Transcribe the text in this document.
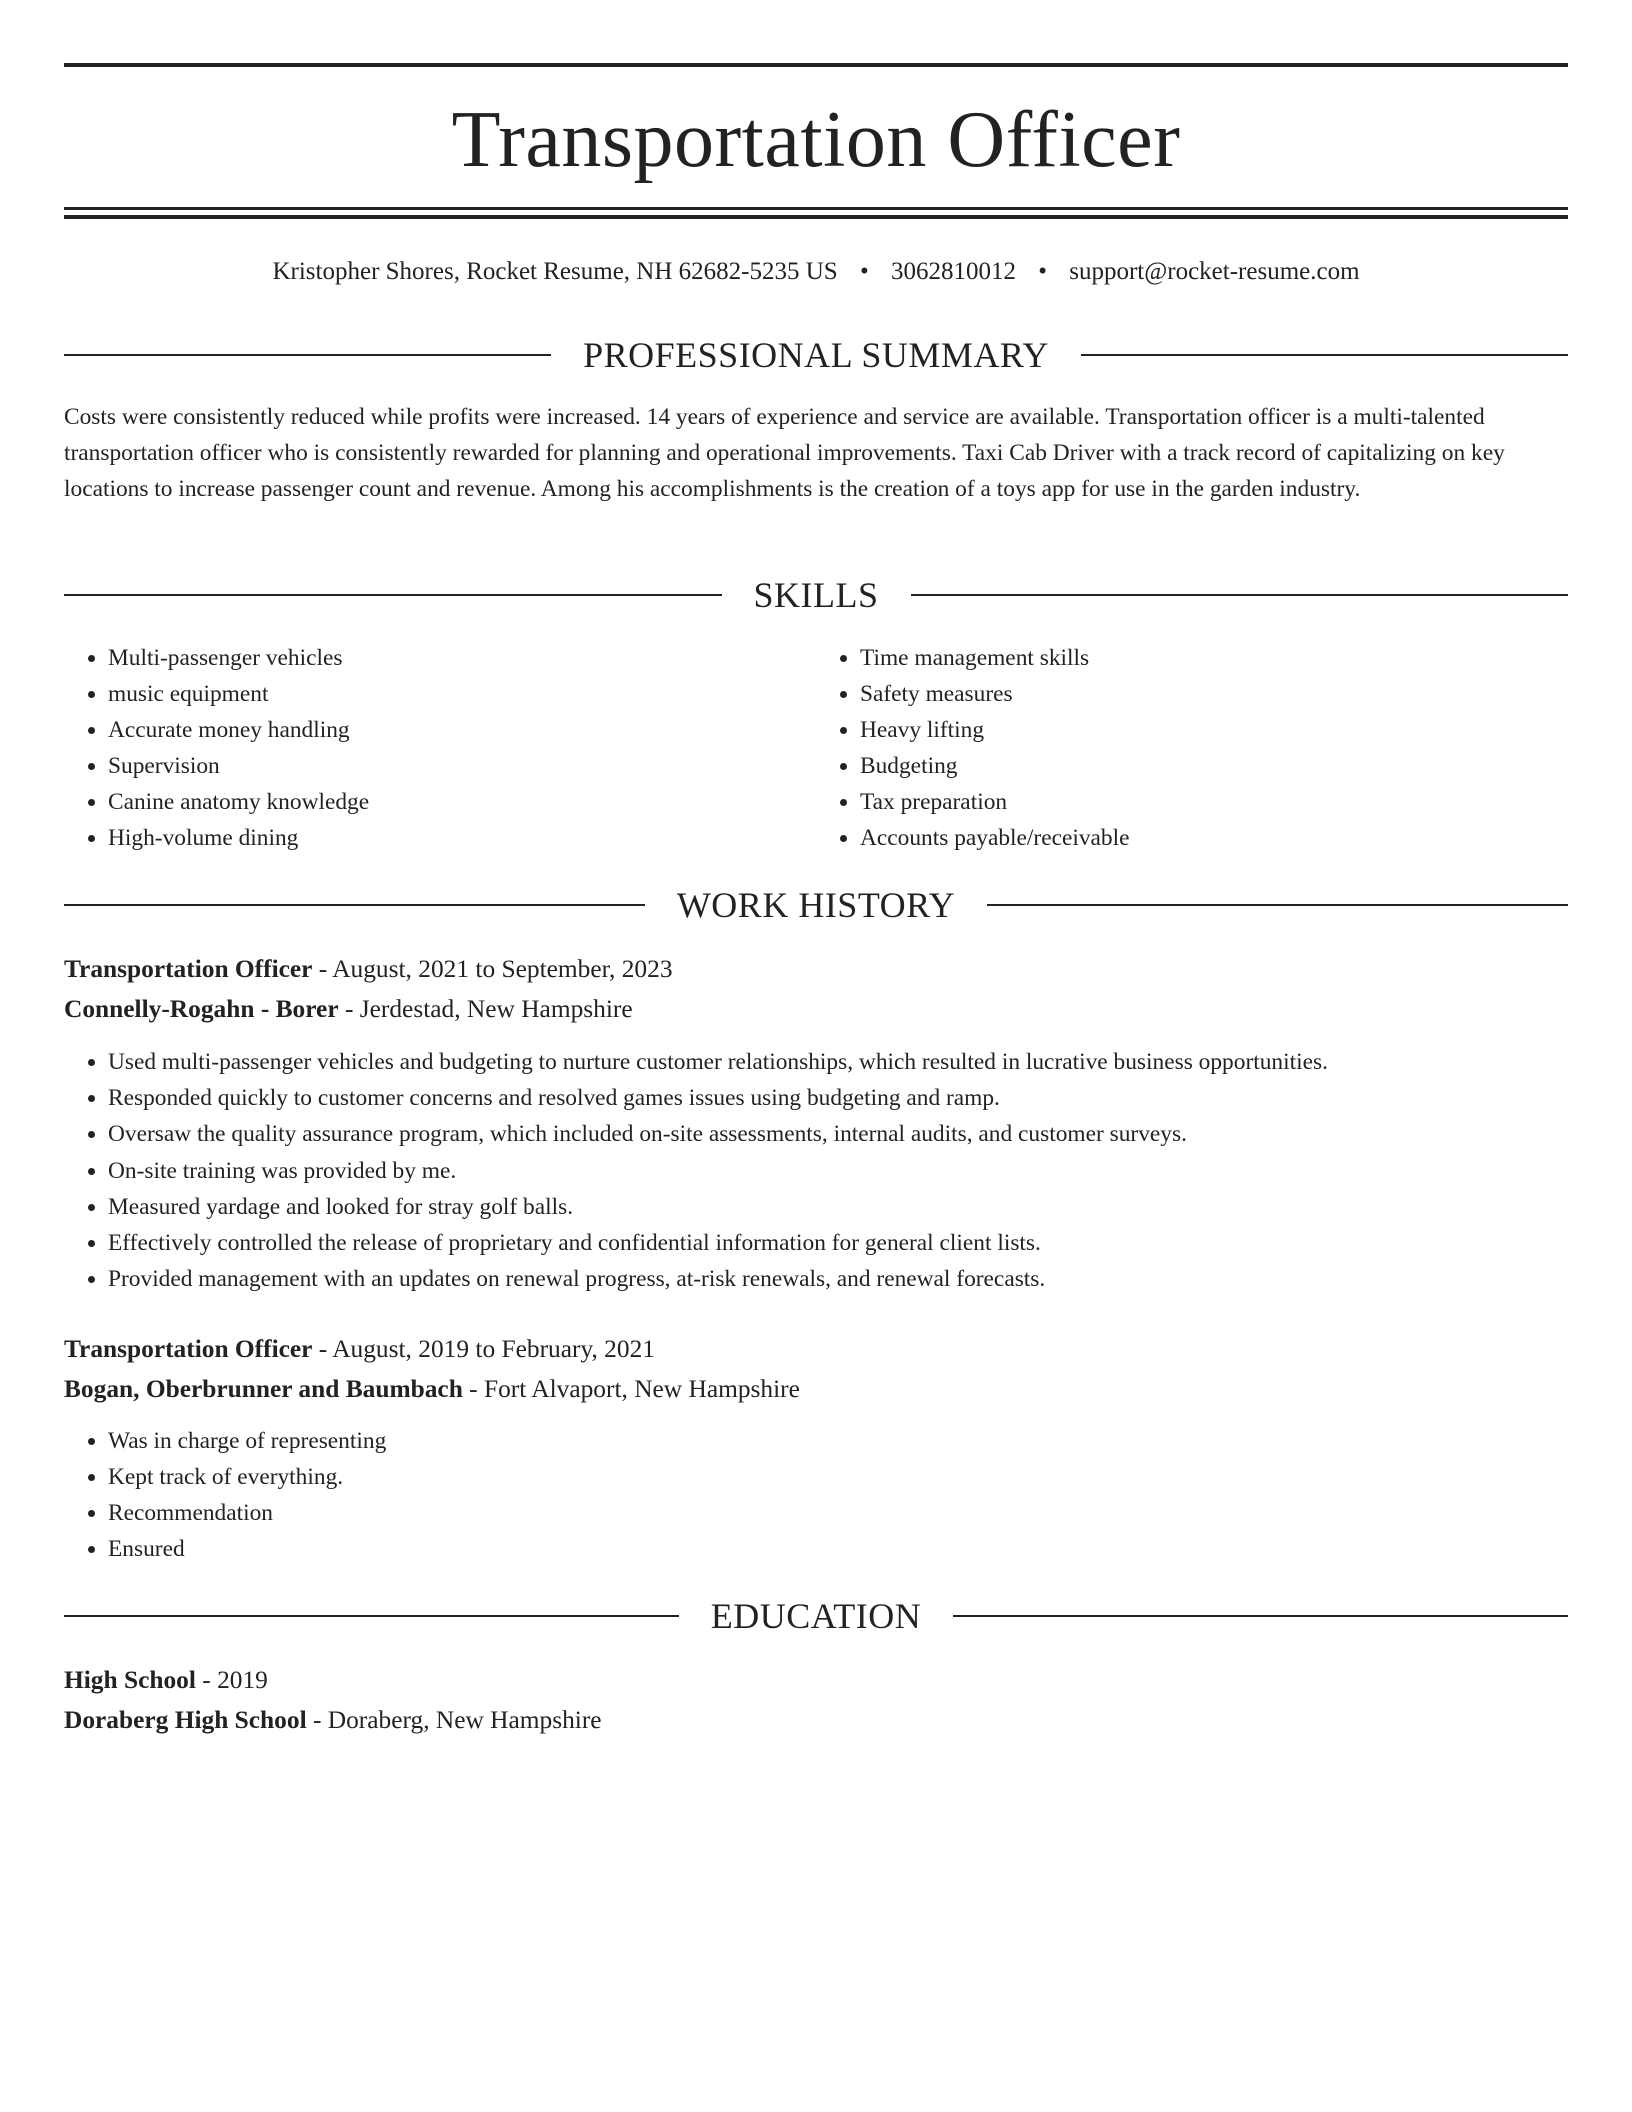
Transportation Officer
Kristopher Shores, Rocket Resume, NH 62682-5235 US • 3062810012 • support@rocket-resume.com
PROFESSIONAL SUMMARY

Costs were consistently reduced while profits were increased. 14 years of experience and service are available. Transportation officer is a multi-talented transportation officer who is consistently rewarded for planning and operational improvements. Taxi Cab Driver with a track record of capitalizing on key locations to increase passenger count and revenue. Among his accomplishments is the creation of a toys app for use in the garden industry.

SKILLS
• Multi-passenger vehicles
• music equipment
• Accurate money handling
• Supervision
• Canine anatomy knowledge
• High-volume dining
• Time management skills
• Safety measures
• Heavy lifting
• Budgeting
• Tax preparation
• Accounts payable/receivable
WORK HISTORY
Transportation Officer - August, 2021 to September, 2023
Connelly-Rogahn - Borer - Jerdestad, New Hampshire
• Used multi-passenger vehicles and budgeting to nurture customer relationships, which resulted in lucrative business opportunities.
• Responded quickly to customer concerns and resolved games issues using budgeting and ramp.
• Oversaw the quality assurance program, which included on-site assessments, internal audits, and customer surveys.
• On-site training was provided by me.
• Measured yardage and looked for stray golf balls.
• Effectively controlled the release of proprietary and confidential information for general client lists.
• Provided management with an updates on renewal progress, at-risk renewals, and renewal forecasts.
Transportation Officer - August, 2019 to February, 2021
Bogan, Oberbrunner and Baumbach - Fort Alvaport, New Hampshire
• Was in charge of representing
• Kept track of everything.
• Recommendation
• Ensured
EDUCATION
High School - 2019
Doraberg High School - Doraberg, New Hampshire
